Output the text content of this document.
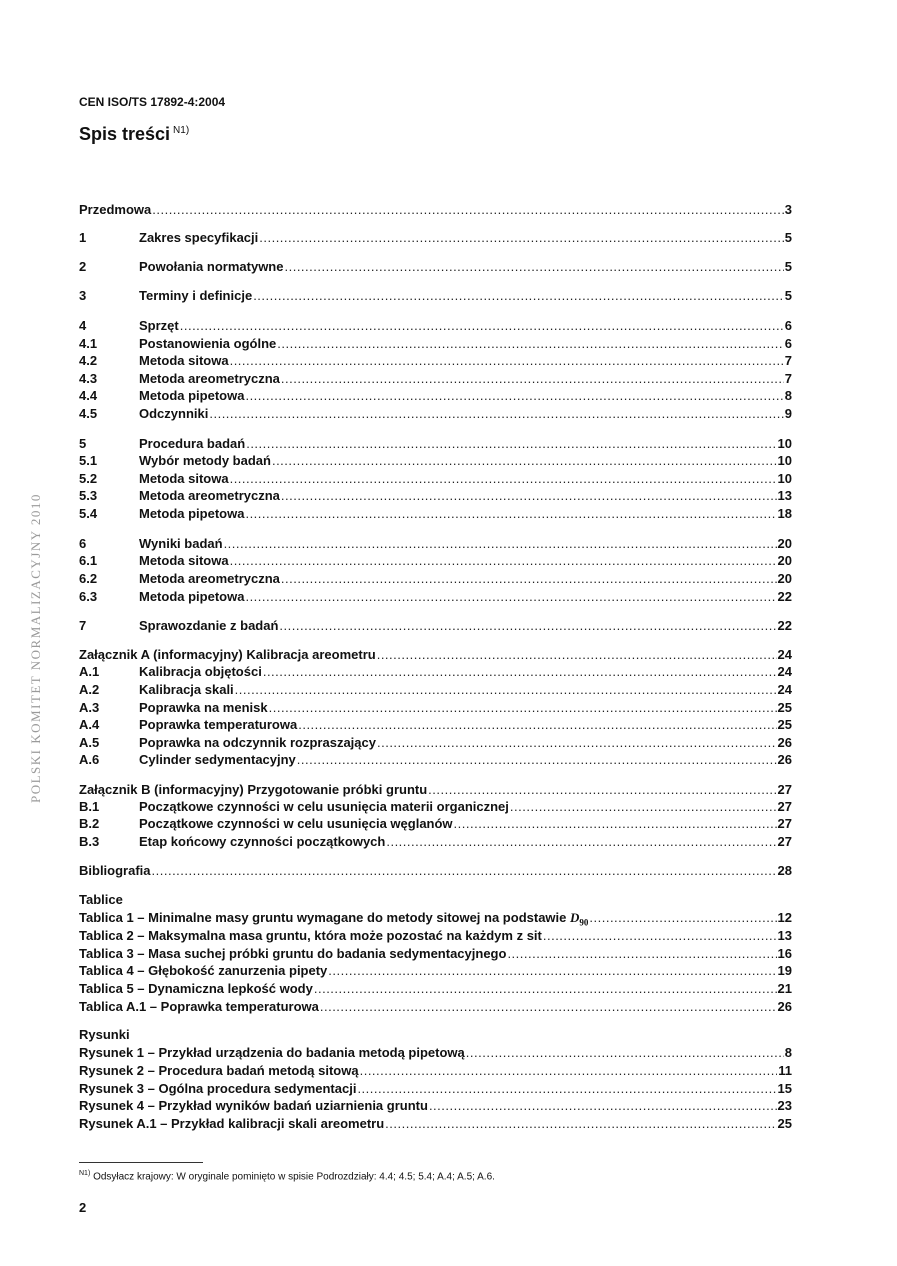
CEN ISO/TS 17892-4:2004
Spis treści $^{N1)}$
POLSKI KOMITET NORMALIZACYJNY 2010
Przedmowa .....	3
1	Zakres specyfikacji .....	5
2	Powołania normatywne .....	5
3	Terminy i definicje .....	5
4	Sprzęt .....	6
4.1	Postanowienia ogólne .....	6
4.2	Metoda sitowa .....	7
4.3	Metoda areometryczna .....	7
4.4	Metoda pipetowa .....	8
4.5	Odczynniki .....	9
5	Procedura badań .....	10
5.1	Wybór metody badań .....	10
5.2	Metoda sitowa .....	10
5.3	Metoda areometryczna .....	13
5.4	Metoda pipetowa .....	18
6	Wyniki badań .....	20
6.1	Metoda sitowa .....	20
6.2	Metoda areometryczna .....	20
6.3	Metoda pipetowa .....	22
7	Sprawozdanie z badań .....	22
Załącznik A (informacyjny) Kalibracja areometru .....	24
A.1	Kalibracja objętości .....	24
A.2	Kalibracja skali .....	24
A.3	Poprawka na menisk .....	25
A.4	Poprawka temperaturowa .....	25
A.5	Poprawka na odczynnik rozpraszający .....	26
A.6	Cylinder sedymentacyjny .....	26
Załącznik B (informacyjny) Przygotowanie próbki gruntu .....	27
B.1	Początkowe czynności w celu usunięcia materii organicznej .....	27
B.2	Początkowe czynności w celu usunięcia węglanów .....	27
B.3	Etap końcowy czynności początkowych .....	27
Bibliografia .....	28
Tablice
Tablica 1 – Minimalne masy gruntu wymagane do metody sitowej na podstawie $D_{90}$ .....	12
Tablica 2 – Maksymalna masa gruntu, która może pozostać na każdym z sit .....	13
Tablica 3 – Masa suchej próbki gruntu do badania sedymentacyjnego .....	16
Tablica 4 – Głębokość zanurzenia pipety .....	19
Tablica 5 – Dynamiczna lepkość wody .....	21
Tablica A.1 – Poprawka temperaturowa .....	26
Rysunki
Rysunek 1 – Przykład urządzenia do badania metodą pipetową .....	8
Rysunek 2 – Procedura badań metodą sitową .....	11
Rysunek 3 – Ogólna procedura sedymentacji .....	15
Rysunek 4 – Przykład wyników badań uziarnienia gruntu .....	23
Rysunek A.1 – Przykład kalibracji skali areometru .....	25
$^{N1)}$ Odsyłacz krajowy: W oryginale pominięto w spisie Podrozdziały: 4.4; 4.5; 5.4; A.4; A.5; A.6.
2
